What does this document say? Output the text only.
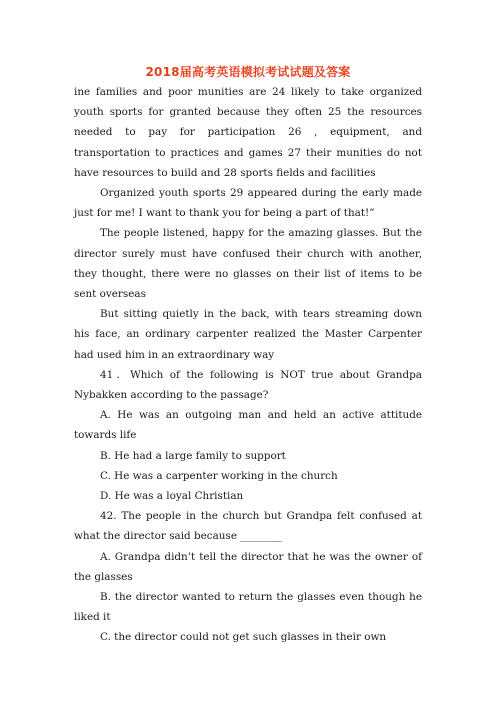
2018届高考英语模拟考试试题及答案

ine families and poor munities are 24 likely to take organized youth sports for granted because they often 25 the resources needed to pay for participation 26 , equipment, and transportation to practices and games 27 their munities do not have resources to build and 28 sports fields and facilities

Organized youth sports 29 appeared during the early made just for me! I want to thank you for being a part of that!”

The people listened, happy for the amazing glasses. But the director surely must have confused their church with another, they thought, there were no glasses on their list of items to be sent overseas

But sitting quietly in the back, with tears streaming down his face, an ordinary carpenter realized the Master Carpenter had used him in an extraordinary way

41．Which of the following is NOT true about Grandpa Nybakken according to the passage?

A. He was an outgoing man and held an active attitude towards life

B. He had a large family to support

C. He was a carpenter working in the church

D. He was a loyal Christian

42. The people in the church but Grandpa felt confused at what the director said because ________

A. Grandpa didn’t tell the director that he was the owner of the glasses

B. the director wanted to return the glasses even though he liked it

C. the director could not get such glasses in their own
